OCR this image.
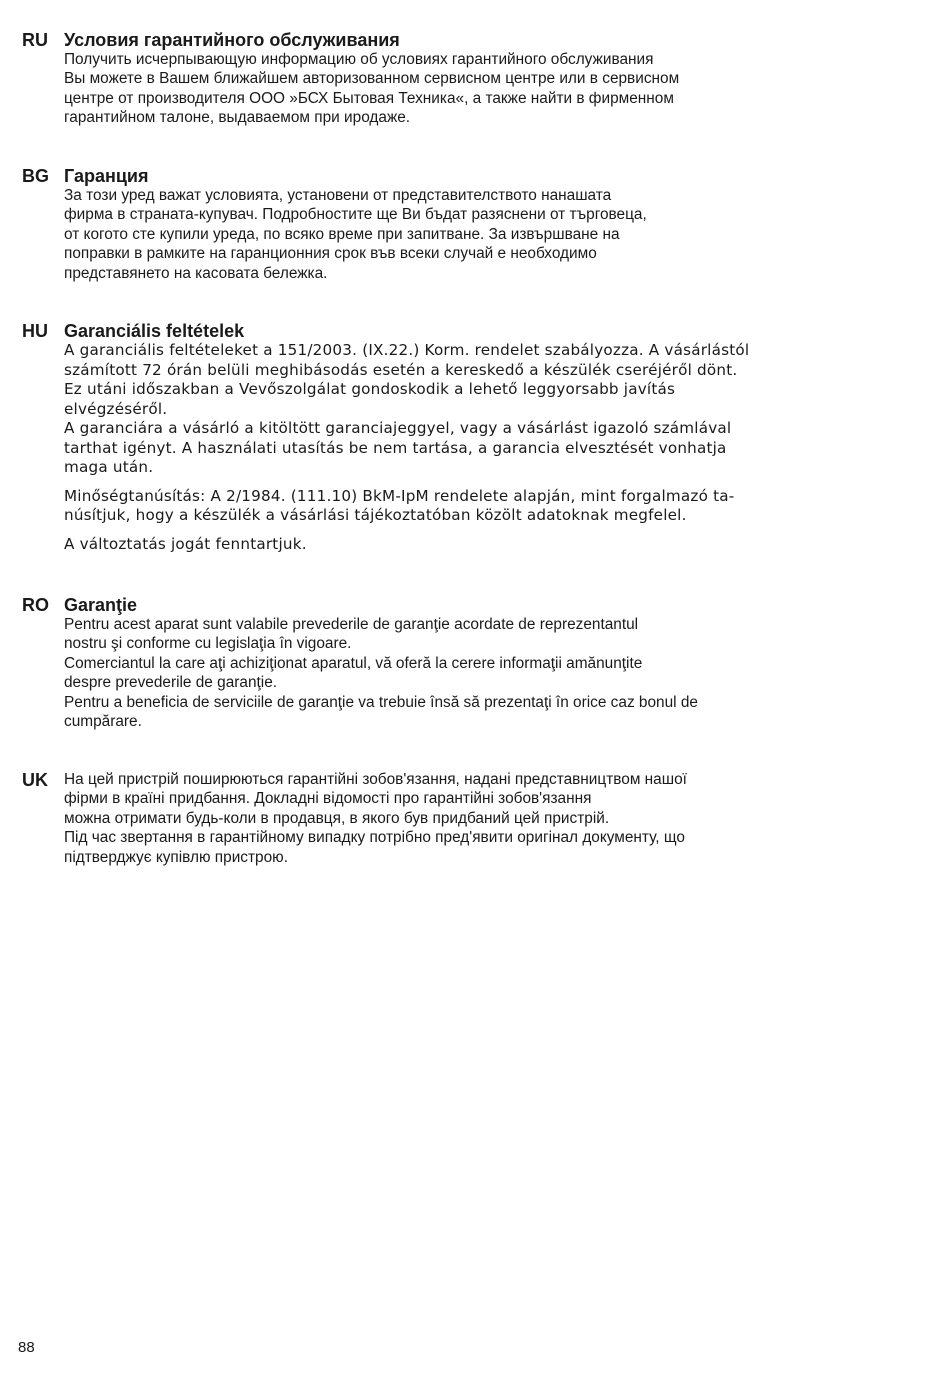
RU Условия гарантийного обслуживания
Получить исчерпывающую информацию об условиях гарантийного обслуживания
Вы можете в Вашем ближайшем авторизованном сервисном центре или в сервисном
центре от производителя ООО »БСХ Бытовая Техника«, а также найти в фирменном
гарантийном талоне, выдаваемом при иродаже.
BG Гаранция
За този уред важат условията, установени от представителството нанашата
фирма в страната-купувач. Подробностите ще Ви бъдат разяснени от търговеца,
от когото сте купили уреда, по всяко време при запитване. За извършване на
поправки в рамките на гаранционния срок във всеки случай е необходимо
представянето на касовата бележка.
HU Garanciális feltételek
A garanciális feltételeket a 151/2003. (IX.22.) Korm. rendelet szabályozza. A vásárlástól
számított 72 órán belüli meghibásodás esetén a kereskedő a készülék cseréjéről dönt.
Ez utáni időszakban a Vevőszolgálat gondoskodik a lehető leggyorsabb javítás
elvégzéséről.
A garanciára a vásárló a kitöltött garanciajeggyel, vagy a vásárlást igazoló számlával
tarthat igényt. A használati utasítás be nem tartása, a garancia elvesztését vonhatja
maga után.
Minőségtanúsítás: A 2/1984. (111.10) BkM-IpM rendelete alapján, mint forgalmazó ta-
núsítjuk, hogy a készülék a vásárlási tájékoztatóban közölt adatoknak megfelel.
A változtatás jogát fenntartjuk.
RO Garanţie
Pentru acest aparat sunt valabile prevederile de garanţie acordate de reprezentantul
nostru şi conforme cu legislaţia în vigoare.
Comerciantul la care aţi achiziţionat aparatul, vă oferă la cerere informaţii amănunţite
despre prevederile de garanţie.
Pentru a beneficia de serviciile de garanţie va trebuie însă să prezentaţi în orice caz bonul de
cumpărare.
UK На цей пристрій поширюються гарантійні зобов'язання, надані представництвом нашої
фірми в країні придбання. Докладні відомості про гарантійні зобов'язання
можна отримати будь-коли в продавця, в якого був придбаний цей пристрій.
Під час звертання в гарантійному випадку потрібно пред'явити оригінал документу, що
підтверджує купівлю пристрою.
88
